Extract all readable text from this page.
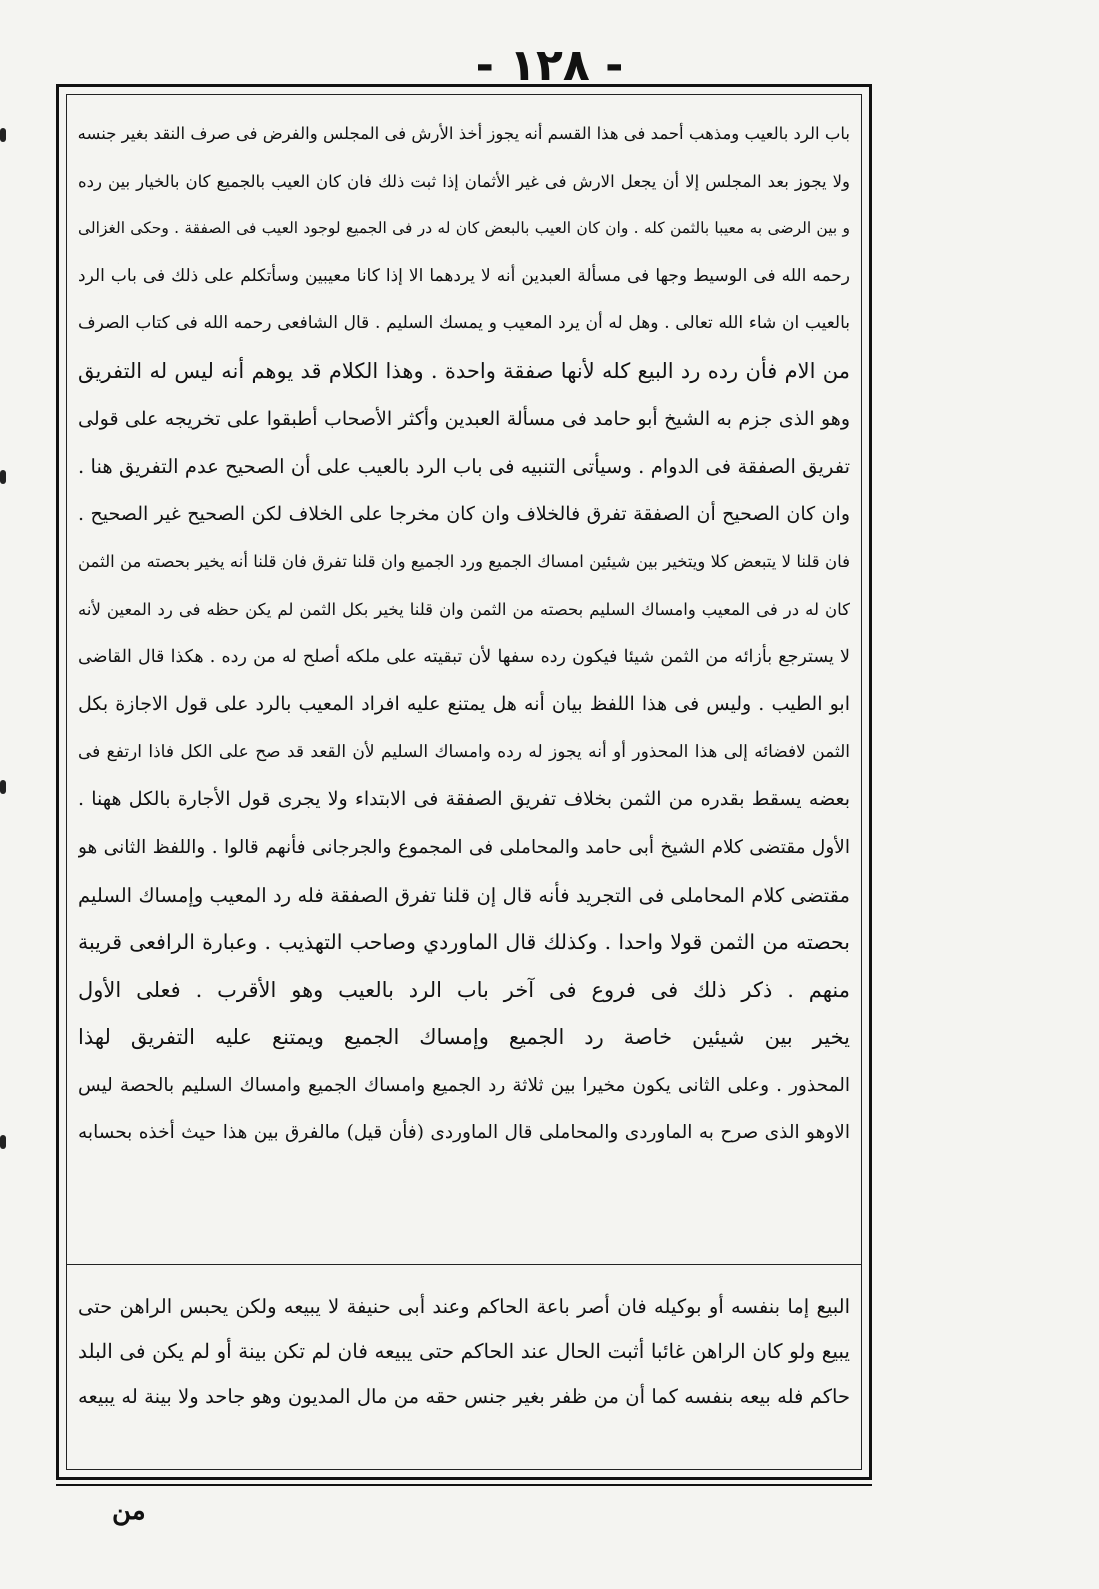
- ١٢٨ -
باب الرد بالعيب ومذهب أحمد فى هذا القسم أنه يجوز أخذ الأرش فى المجلس والفرض فى صرف النقد بغير جنسه
ولا يجوز بعد المجلس إلا أن يجعل الارش فى غير الأثمان إذا ثبت ذلك فان كان العيب بالجميع كان بالخيار بين رده
و بين الرضى به معيبا بالثمن كله . وان كان العيب بالبعض كان له در فى الجميع لوجود العيب فى الصفقة . وحكى الغزالى
رحمه الله فى الوسيط وجها فى مسألة العبدين أنه لا يردهما الا إذا كانا معيبين وسأتكلم على ذلك فى باب الرد
بالعيب ان شاء الله تعالى . وهل له أن يرد المعيب و يمسك السليم . قال الشافعى رحمه الله فى كتاب الصرف
من الام فأن رده رد البيع كله لأنها صفقة واحدة . وهذا الكلام قد يوهم أنه ليس له التفريق
وهو الذى جزم به الشيخ أبو حامد فى مسألة العبدين وأكثر الأصحاب أطبقوا على تخريجه على قولى
تفريق الصفقة فى الدوام . وسيأتى التنبيه فى باب الرد بالعيب على أن الصحيح عدم التفريق هنا .
وان كان الصحيح أن الصفقة تفرق فالخلاف وان كان مخرجا على الخلاف لكن الصحيح غير الصحيح .
فان قلنا لا يتبعض كلا ويتخير بين شيئين امساك الجميع ورد الجميع وان قلنا تفرق فان قلنا أنه يخير بحصته من الثمن
كان له در فى المعيب وامساك السليم بحصته من الثمن وان قلنا يخير بكل الثمن لم يكن حظه فى رد المعين لأنه
لا يسترجع بأزائه من الثمن شيئا فيكون رده سفها لأن تبقيته على ملكه أصلح له من رده . هكذا قال القاضى
ابو الطيب . وليس فى هذا اللفظ بيان أنه هل يمتنع عليه افراد المعيب بالرد على قول الاجازة بكل
الثمن لافضائه إلى هذا المحذور أو أنه يجوز له رده وامساك السليم لأن القعد قد صح على الكل فاذا ارتفع فى
بعضه يسقط بقدره من الثمن بخلاف تفريق الصفقة فى الابتداء ولا يجرى قول الأجارة بالكل ههنا .
الأول مقتضى كلام الشيخ أبى حامد والمحاملى فى المجموع والجرجانى فأنهم قالوا . واللفظ الثانى هو
مقتضى كلام المحاملى فى التجريد فأنه قال إن قلنا تفرق الصفقة فله رد المعيب وإمساك السليم
بحصته من الثمن قولا واحدا . وكذلك قال الماوردي وصاحب التهذيب . وعبارة الرافعى قريبة
منهم . ذكر ذلك فى فروع فى آخر باب الرد بالعيب وهو الأقرب . فعلى الأول
يخير بين شيئين خاصة رد الجميع وإمساك الجميع ويمتنع عليه التفريق لهذا
المحذور . وعلى الثانى يكون مخيرا بين ثلاثة رد الجميع وامساك الجميع وامساك السليم بالحصة ليس
الاوهو الذى صرح به الماوردى والمحاملى قال الماوردى (فأن قيل) مالفرق بين هذا حيث أخذه بحسابه
البيع إما بنفسه أو بوكيله فان أصر باعة الحاكم وعند أبى حنيفة لا يبيعه ولكن يحبس الراهن حتى
يبيع ولو كان الراهن غائبا أثبت الحال عند الحاكم حتى يبيعه فان لم تكن بينة أو لم يكن فى البلد
حاكم فله بيعه بنفسه كما أن من ظفر بغير جنس حقه من مال المديون وهو جاحد ولا بينة له يبيعه
من
